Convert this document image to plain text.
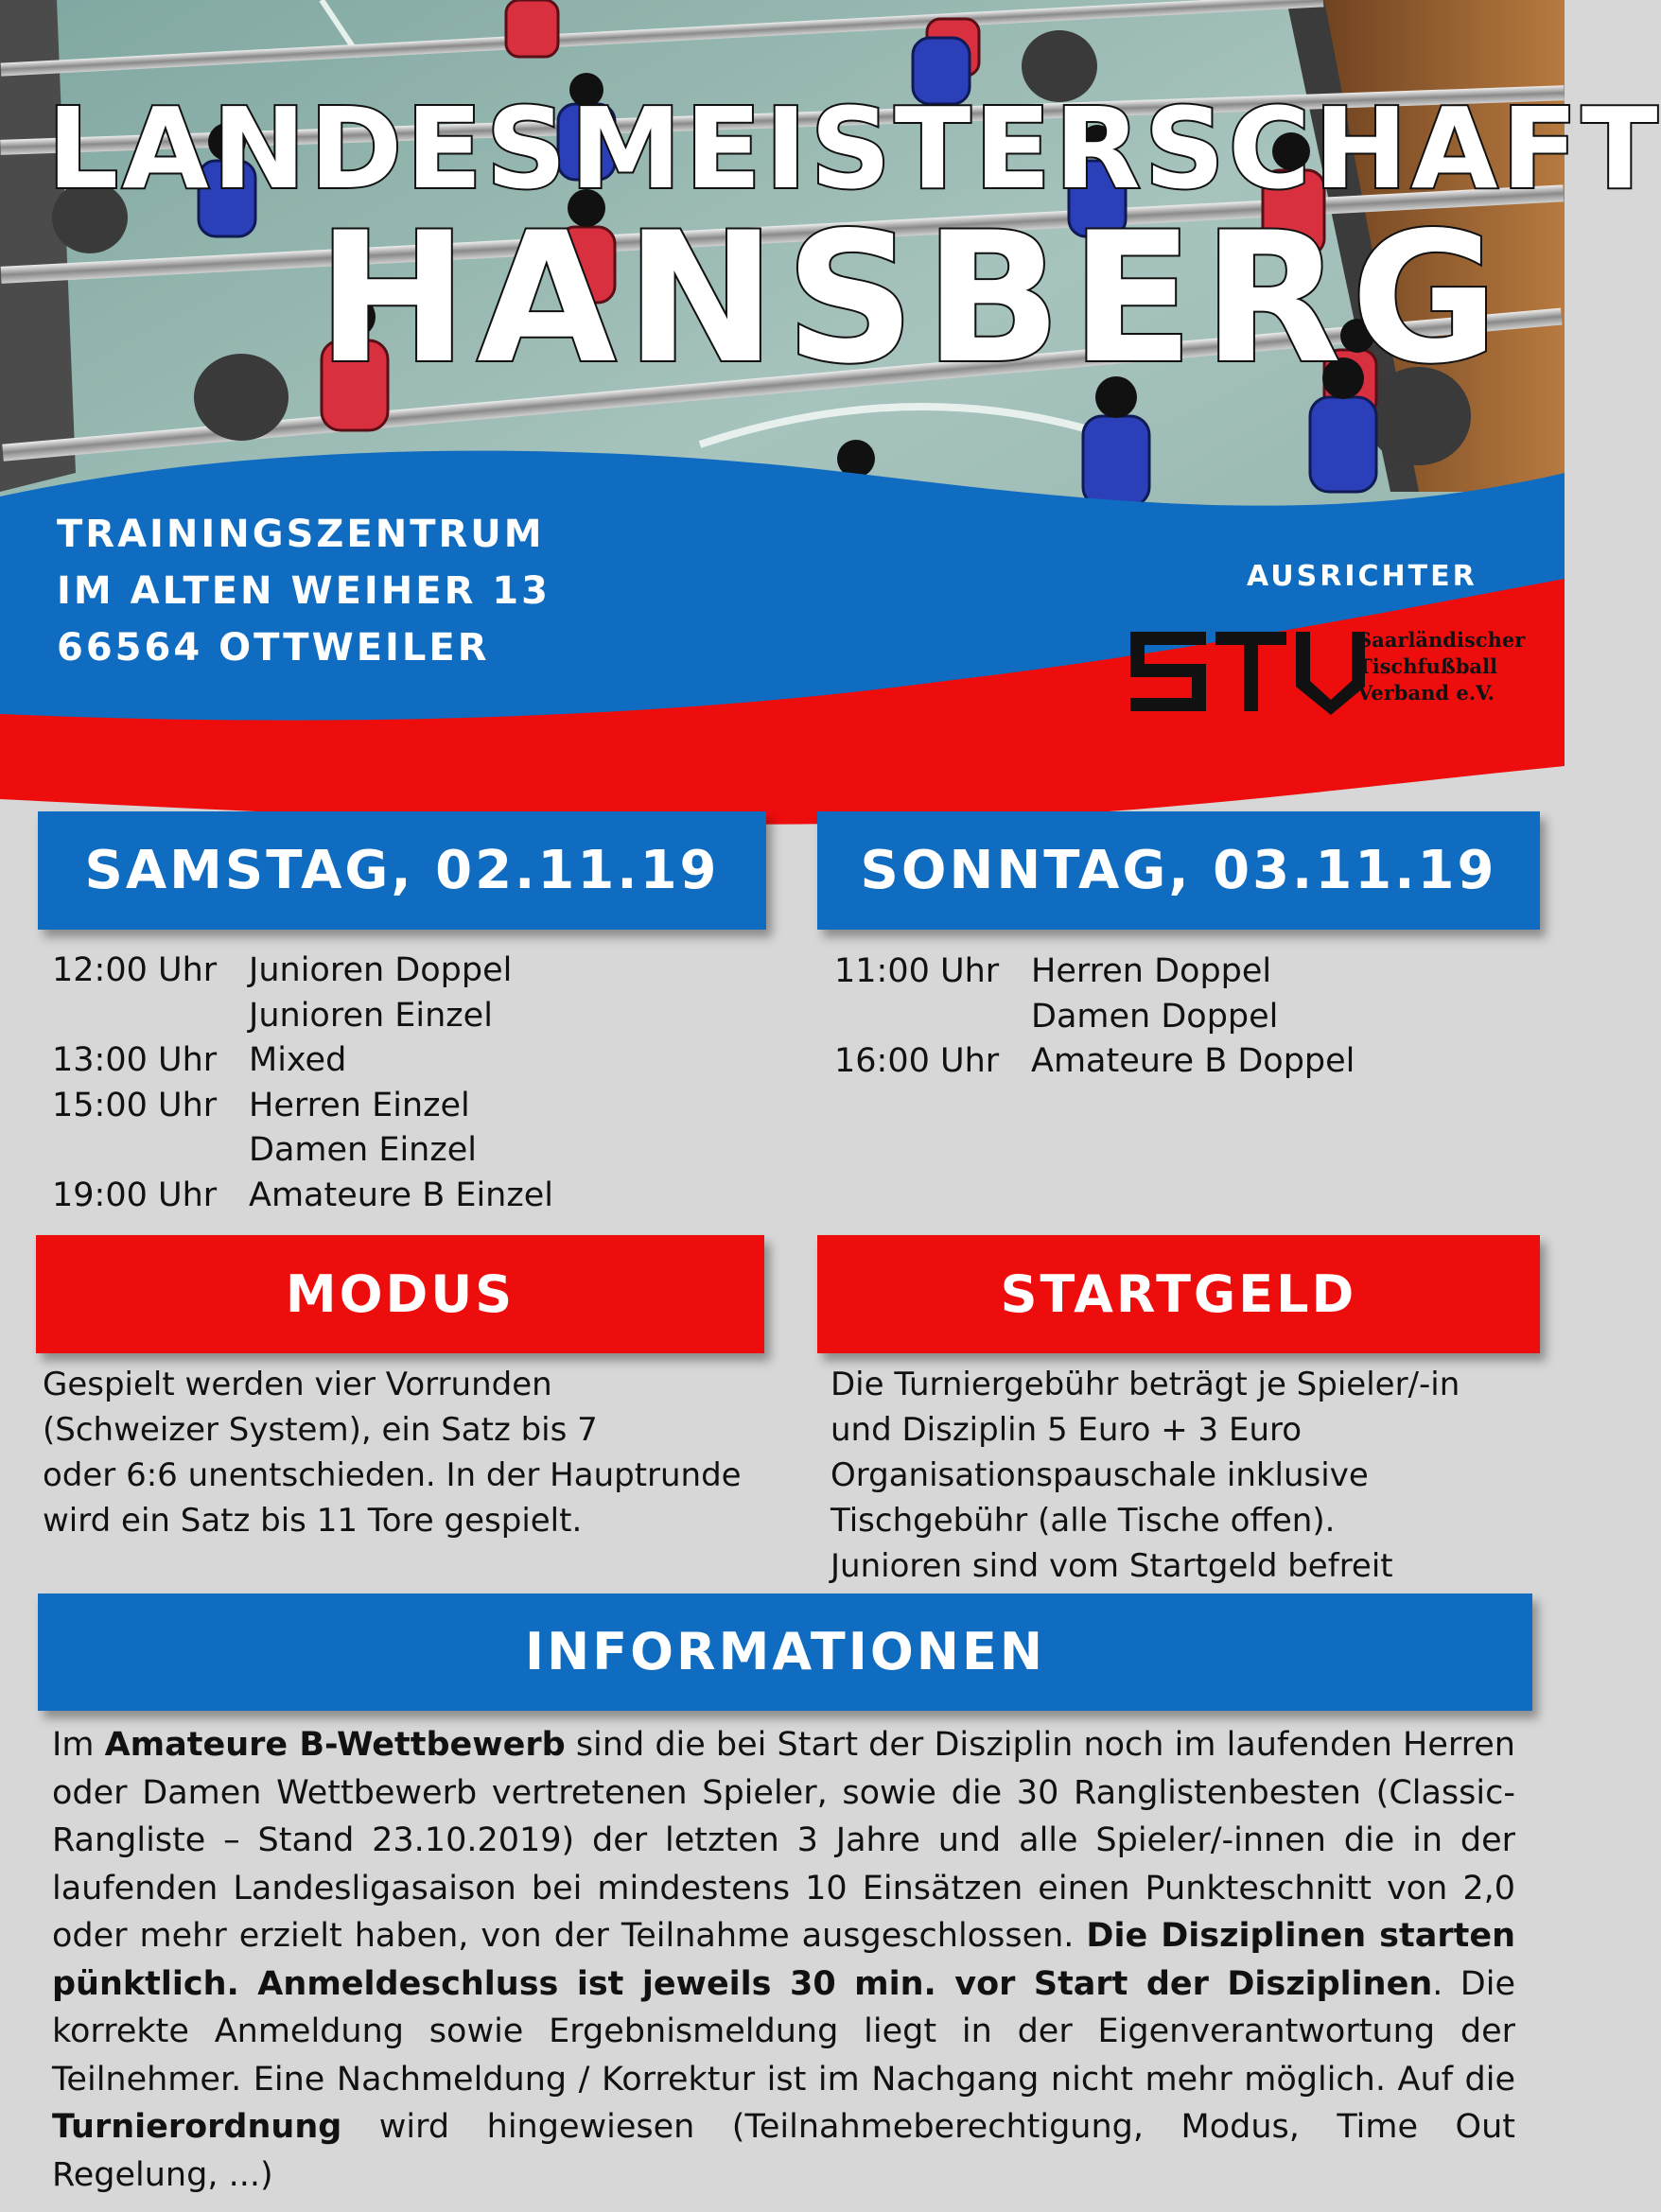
LANDESMEISTERSCHAFT
HANSBERG
TRAININGSZENTRUM
IM ALTEN WEIHER 13
66564 OTTWEILER
AUSRICHTER
Saarländischer
Tischfußball
Verband e.V.
SAMSTAG, 02.11.19
12:00 Uhr Junioren Doppel
Junioren Einzel
13:00 Uhr Mixed
15:00 Uhr Herren Einzel
Damen Einzel
19:00 Uhr Amateure B Einzel
SONNTAG, 03.11.19
11:00 Uhr Herren Doppel
Damen Doppel
16:00 Uhr Amateure B Doppel
MODUS
Gespielt werden vier Vorrunden
(Schweizer System), ein Satz bis 7
oder 6:6 unentschieden. In der Hauptrunde
wird ein Satz bis 11 Tore gespielt.
STARTGELD
Die Turniergebühr beträgt je Spieler/-in
und Disziplin 5 Euro + 3 Euro
Organisationspauschale inklusive
Tischgebühr (alle Tische offen).
Junioren sind vom Startgeld befreit
INFORMATIONEN
Im Amateure B-Wettbewerb sind die bei Start der Disziplin noch im laufenden Herren oder Damen Wettbewerb vertretenen Spieler, sowie die 30 Ranglistenbesten (Classic-Rangliste – Stand 23.10.2019) der letzten 3 Jahre und alle Spieler/-innen die in der laufenden Landesligasaison bei mindestens 10 Einsätzen einen Punkteschnitt von 2,0 oder mehr erzielt haben, von der Teilnahme ausgeschlossen. Die Disziplinen starten pünktlich. Anmeldeschluss ist jeweils 30 min. vor Start der Disziplinen. Die korrekte Anmeldung sowie Ergebnismeldung liegt in der Eigenverantwortung der Teilnehmer. Eine Nachmeldung / Korrektur ist im Nachgang nicht mehr möglich. Auf die Turnierordnung wird hingewiesen (Teilnahmeberechtigung, Modus, Time Out Regelung, ...)
